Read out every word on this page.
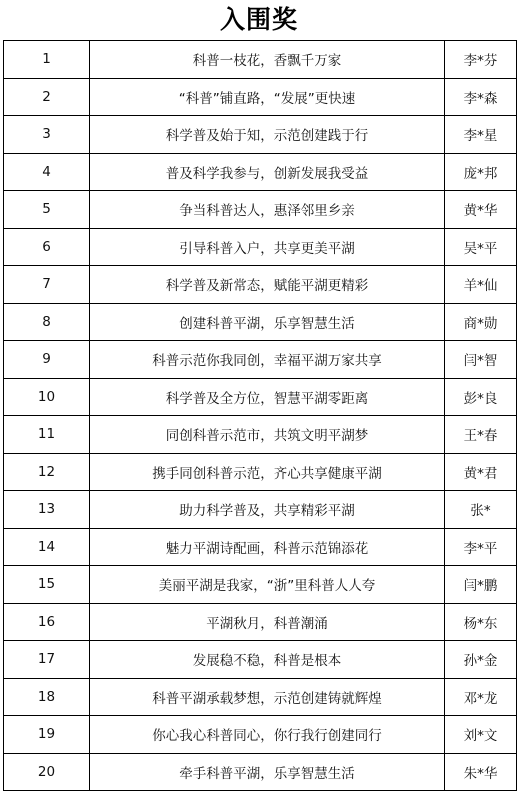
入围奖
1	科普一枝花，香飘千万家	李*芬
2	“科普”铺直路，“发展”更快速	李*森
3	科学普及始于知，示范创建践于行	李*星
4	普及科学我参与，创新发展我受益	庞*邦
5	争当科普达人，惠泽邻里乡亲	黄*华
6	引导科普入户，共享更美平湖	吴*平
7	科学普及新常态，赋能平湖更精彩	羊*仙
8	创建科普平湖，乐享智慧生活	商*勋
9	科普示范你我同创，幸福平湖万家共享	闫*智
10	科学普及全方位，智慧平湖零距离	彭*良
11	同创科普示范市，共筑文明平湖梦	王*春
12	携手同创科普示范，齐心共享健康平湖	黄*君
13	助力科学普及，共享精彩平湖	张*
14	魅力平湖诗配画，科普示范锦添花	李*平
15	美丽平湖是我家，“浙”里科普人人夸	闫*鹏
16	平湖秋月，科普潮涌	杨*东
17	发展稳不稳，科普是根本	孙*金
18	科普平湖承载梦想，示范创建铸就辉煌	邓*龙
19	你心我心科普同心，你行我行创建同行	刘*文
20	牵手科普平湖，乐享智慧生活	朱*华
